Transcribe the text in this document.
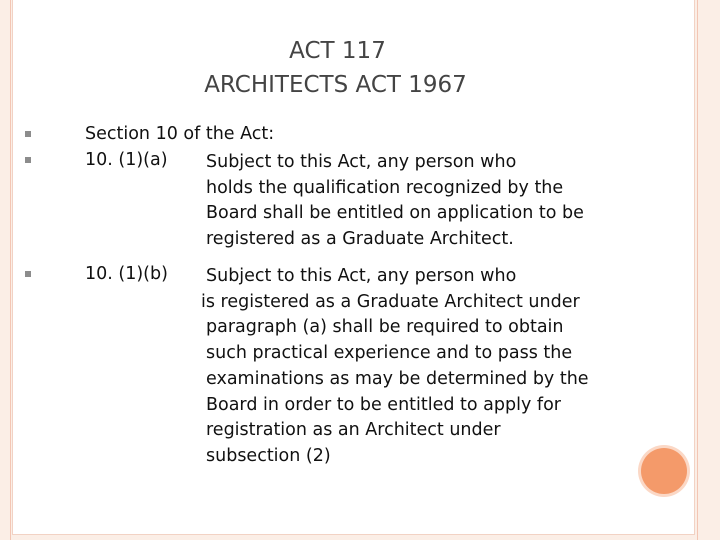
ACT 117
ARCHITECTS ACT 1967
Section 10 of the Act:
10. (1)(a) Subject to this Act, any person who
holds the qualification recognized by the
Board shall be entitled on application to be
registered as a Graduate Architect.
10. (1)(b) Subject to this Act, any person who
is registered as a Graduate Architect under
paragraph (a) shall be required to obtain
such practical experience and to pass the
examinations as may be determined by the
Board in order to be entitled to apply for
registration as an Architect under
subsection (2)
